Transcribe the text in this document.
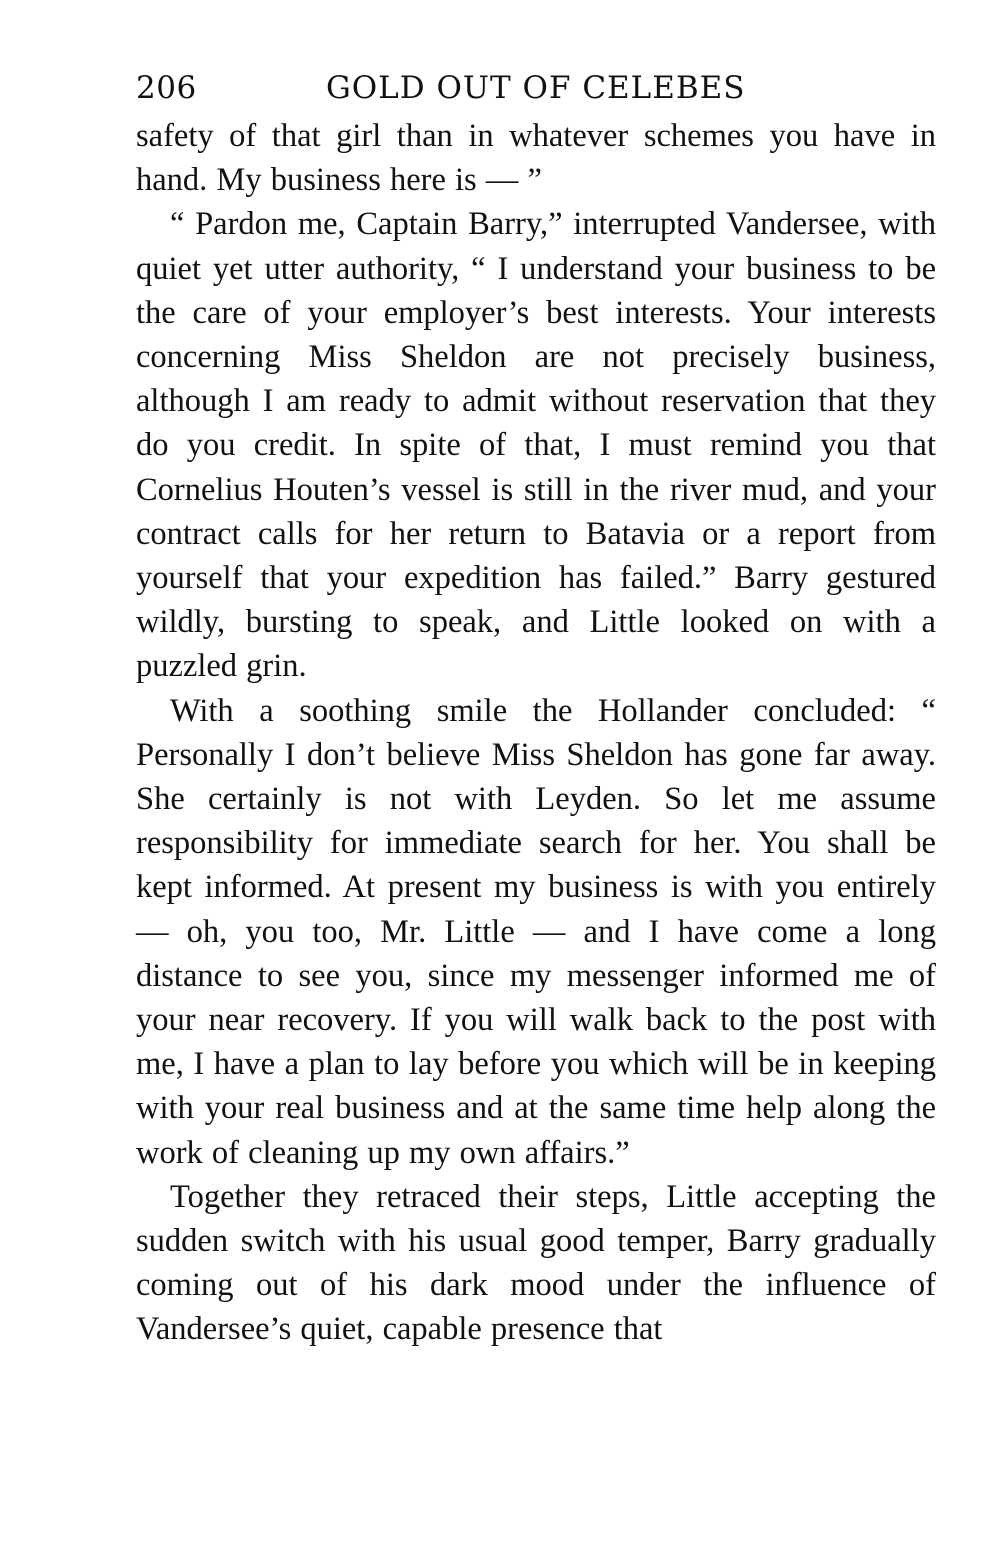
206	GOLD OUT OF CELEBES

safety of that girl than in whatever schemes you have in hand. My business here is — ”

“ Pardon me, Captain Barry,” interrupted Vandersee, with quiet yet utter authority, “ I understand your business to be the care of your employer’s best interests. Your interests concerning Miss Sheldon are not precisely business, although I am ready to admit without reservation that they do you credit. In spite of that, I must remind you that Cornelius Houten’s vessel is still in the river mud, and your contract calls for her return to Batavia or a report from yourself that your expedition has failed.” Barry gestured wildly, bursting to speak, and Little looked on with a puzzled grin.

With a soothing smile the Hollander concluded: “ Personally I don’t believe Miss Sheldon has gone far away. She certainly is not with Leyden. So let me assume responsibility for immediate search for her. You shall be kept informed. At present my business is with you entirely — oh, you too, Mr. Little — and I have come a long distance to see you, since my messenger informed me of your near recovery. If you will walk back to the post with me, I have a plan to lay before you which will be in keeping with your real business and at the same time help along the work of cleaning up my own affairs.”

Together they retraced their steps, Little accepting the sudden switch with his usual good temper, Barry gradually coming out of his dark mood under the influence of Vandersee’s quiet, capable presence that
